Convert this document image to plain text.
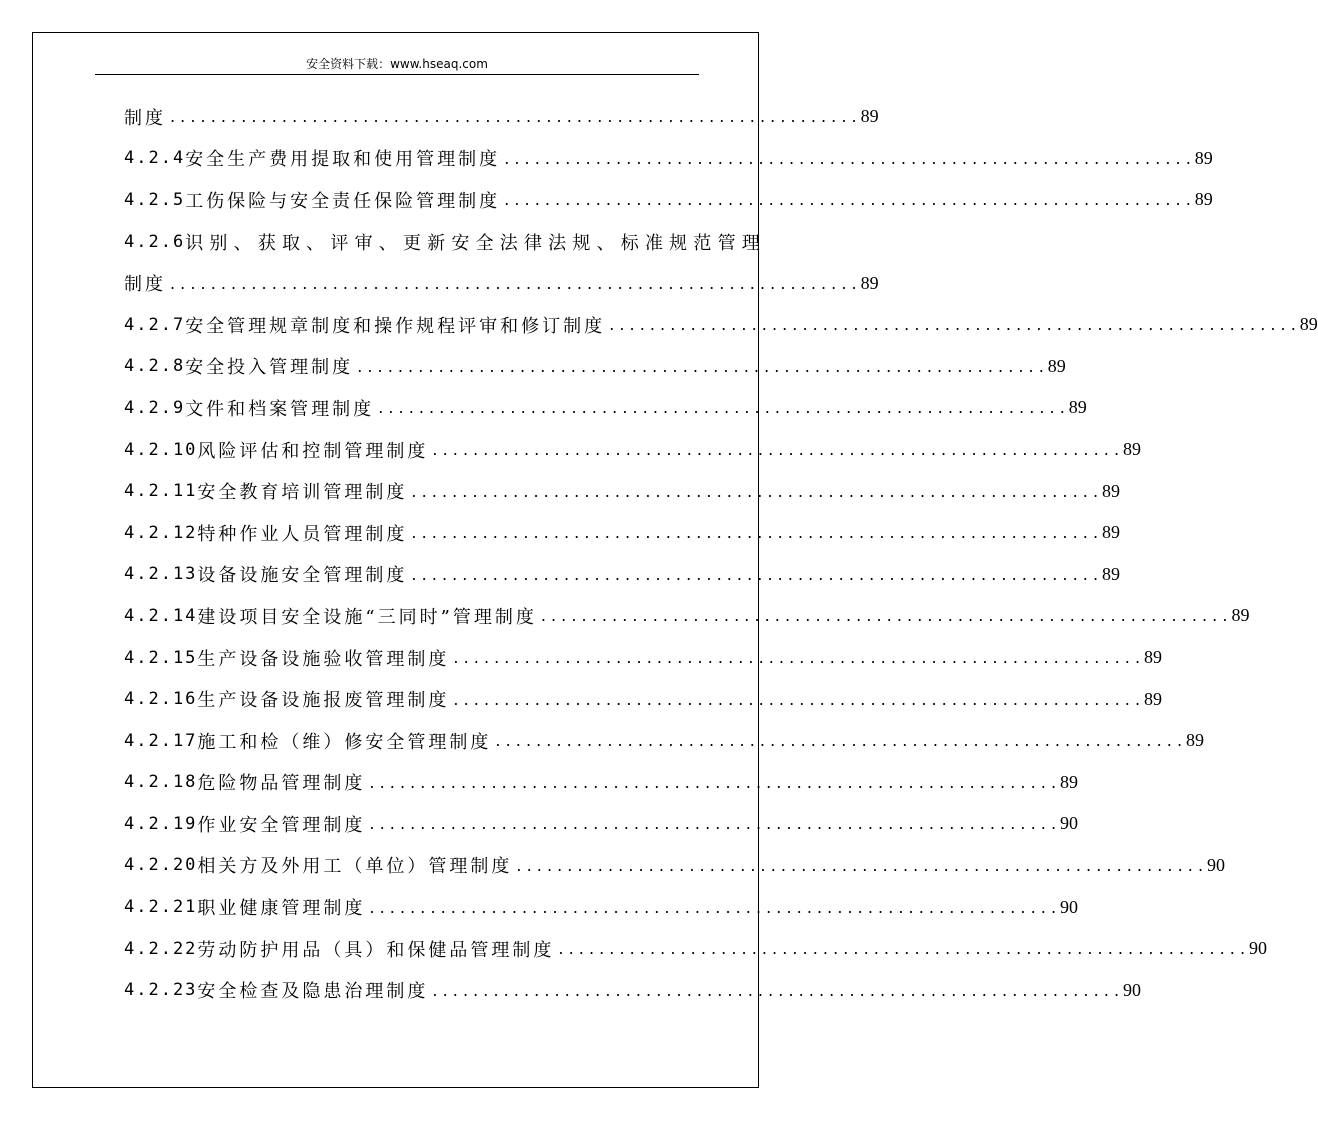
安全资料下载：www.hseaq.com
制度 . . .	89
4.2.4 安全生产费用提取和使用管理制度 . . .	89
4.2.5 工伤保险与安全责任保险管理制度 . . .	89
4.2.6 识别、获取、评审、更新安全法律法规、标准规范管理
制度 . . .	89
4.2.7 安全管理规章制度和操作规程评审和修订制度 . . .	89
4.2.8 安全投入管理制度 . . .	89
4.2.9 文件和档案管理制度 . . .	89
4.2.10 风险评估和控制管理制度 . . .	89
4.2.11 安全教育培训管理制度 . . .	89
4.2.12 特种作业人员管理制度 . . .	89
4.2.13 设备设施安全管理制度 . . .	89
4.2.14 建设项目安全设施“三同时”管理制度 . . .	89
4.2.15 生产设备设施验收管理制度 . . .	89
4.2.16 生产设备设施报废管理制度 . . .	89
4.2.17 施工和检（维）修安全管理制度 . . .	89
4.2.18 危险物品管理制度 . . .	89
4.2.19 作业安全管理制度 . . .	90
4.2.20 相关方及外用工（单位）管理制度 . . .	90
4.2.21 职业健康管理制度 . . .	90
4.2.22 劳动防护用品（具）和保健品管理制度 . . .	90
4.2.23 安全检查及隐患治理制度 . . .	90
